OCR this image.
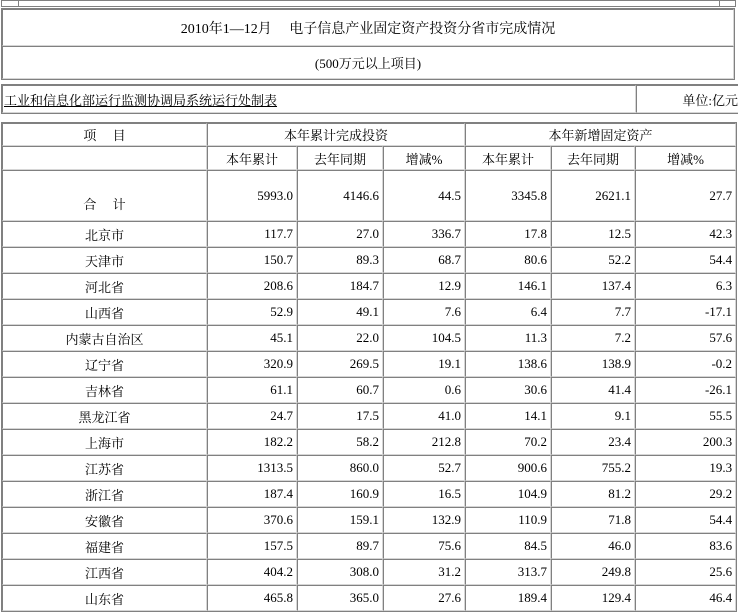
2010年1—12月　 电子信息产业固定资产投资分省市完成情况
(500万元以上项目)
工业和信息化部运行监测协调局系统运行处制表	单位:亿元
项　 目	本年累计完成投资			本年新增固定资产		
	本年累计	去年同期	增减%	本年累计	去年同期	增减%
合　 计	5993.0	4146.6	44.5	3345.8	2621.1	27.7
北京市	117.7	27.0	336.7	17.8	12.5	42.3
天津市	150.7	89.3	68.7	80.6	52.2	54.4
河北省	208.6	184.7	12.9	146.1	137.4	6.3
山西省	52.9	49.1	7.6	6.4	7.7	-17.1
内蒙古自治区	45.1	22.0	104.5	11.3	7.2	57.6
辽宁省	320.9	269.5	19.1	138.6	138.9	-0.2
吉林省	61.1	60.7	0.6	30.6	41.4	-26.1
黑龙江省	24.7	17.5	41.0	14.1	9.1	55.5
上海市	182.2	58.2	212.8	70.2	23.4	200.3
江苏省	1313.5	860.0	52.7	900.6	755.2	19.3
浙江省	187.4	160.9	16.5	104.9	81.2	29.2
安徽省	370.6	159.1	132.9	110.9	71.8	54.4
福建省	157.5	89.7	75.6	84.5	46.0	83.6
江西省	404.2	308.0	31.2	313.7	249.8	25.6
山东省	465.8	365.0	27.6	189.4	129.4	46.4
